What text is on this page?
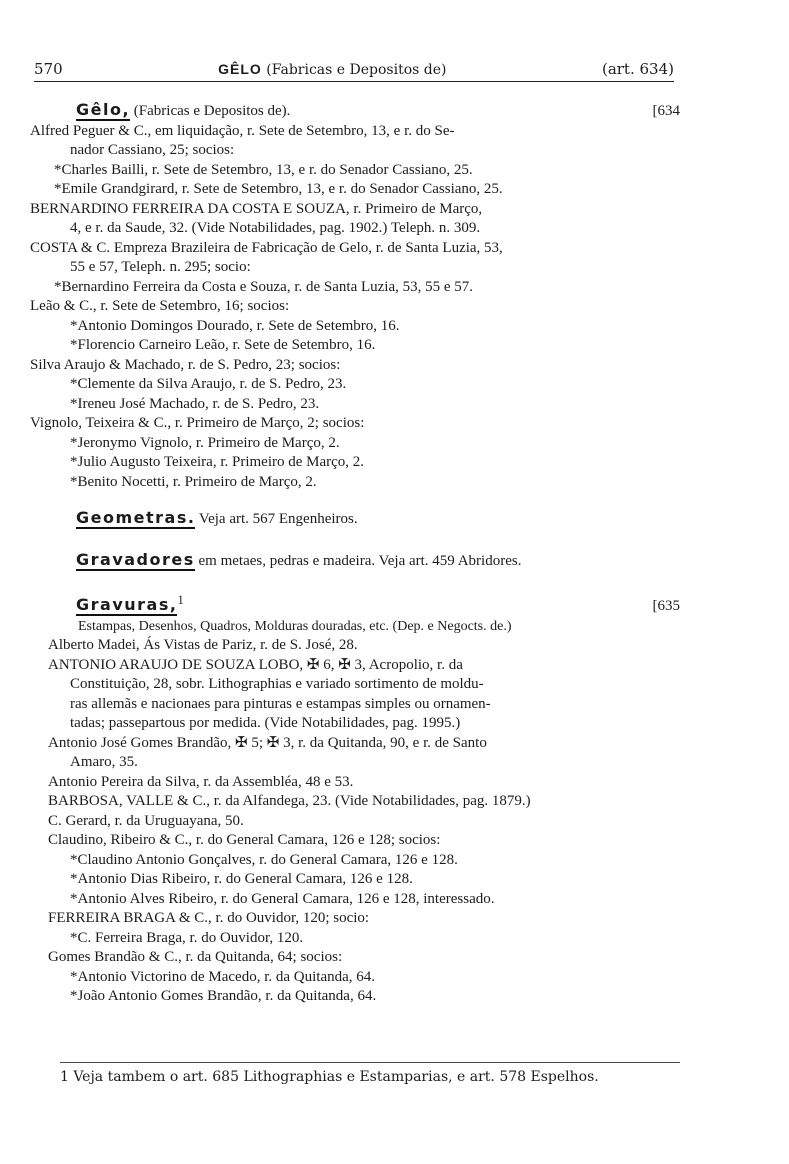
570	GÊLO (Fabricas e Depositos de)	(art. 634)
Gêlo, (Fabricas e Depositos de).	[634
Alfred Peguer & C., em liquidação, r. Sete de Setembro, 13, e r. do Se-
nador Cassiano, 25; socios:
*Charles Bailli, r. Sete de Setembro, 13, e r. do Senador Cassiano, 25.
*Emile Grandgirard, r. Sete de Setembro, 13, e r. do Senador Cassiano, 25.
BERNARDINO FERREIRA DA COSTA E SOUZA, r. Primeiro de Março,
4, e r. da Saude, 32. (Vide Notabilidades, pag. 1902.) Teleph. n. 309.
COSTA & C. Emprezа Brazileira de Fabricação de Gelo, r. de Santa Luzia, 53,
55 e 57, Teleph. n. 295; socio:
*Bernardino Ferreira da Costa e Souza, r. de Santa Luzia, 53, 55 e 57.
Leão & C., r. Sete de Setembro, 16; socios:
*Antonio Domingos Dourado, r. Sete de Setembro, 16.
*Florencio Carneiro Leão, r. Sete de Setembro, 16.
Silva Araujo & Machado, r. de S. Pedro, 23; socios:
*Clemente da Silva Araujo, r. de S. Pedro, 23.
*Ireneu José Machado, r. de S. Pedro, 23.
Vignolo, Teixeira & C., r. Primeiro de Março, 2; socios:
*Jeronymo Vignolo, r. Primeiro de Março, 2.
*Julio Augusto Teixeira, r. Primeiro de Março, 2.
*Benito Nocetti, r. Primeiro de Março, 2.
Geometras. Veja art. 567 Engenheiros.
Gravadores em metaes, pedras e madeira. Veja art. 459 Abridores.
Gravuras,$^1$	[635
Estampas, Desenhos, Quadros, Molduras douradas, etc. (Dep. e Negocts. de.)
Alberto Madei, Ás Vistas de Pariz, r. de S. José, 28.
ANTONIO ARAUJO DE SOUZA LOBO, ✠ 6, ✠ 3, Acropolio, r. da
Constituição, 28, sobr. Lithographias e variado sortimento de moldu-
ras allemãs e nacionaes para pinturas e estampas simples ou ornamen-
tadas; passepartous por medida. (Vide Notabilidades, pag. 1995.)
Antonio José Gomes Brandão, ✠ 5; ✠ 3, r. da Quitanda, 90, e r. de Santo
Amaro, 35.
Antonio Pereira da Silva, r. da Assembléa, 48 e 53.
BARBOSA, VALLE & C., r. da Alfandega, 23. (Vide Notabilidades, pag. 1879.)
C. Gerard, r. da Uruguayana, 50.
Claudino, Ribeiro & C., r. do General Camara, 126 e 128; socios:
*Claudino Antonio Gonçalves, r. do General Camara, 126 e 128.
*Antonio Dias Ribeiro, r. do General Camara, 126 e 128.
*Antonio Alves Ribeiro, r. do General Camara, 126 e 128, interessado.
FERREIRA BRAGA & C., r. do Ouvidor, 120; socio:
*C. Ferreira Braga, r. do Ouvidor, 120.
Gomes Brandão & C., r. da Quitanda, 64; socios:
*Antonio Victorino de Macedo, r. da Quitanda, 64.
*João Antonio Gomes Brandão, r. da Quitanda, 64.
1 Veja tambem o art. 685 Lithographias e Estamparias, e art. 578 Espelhos.
